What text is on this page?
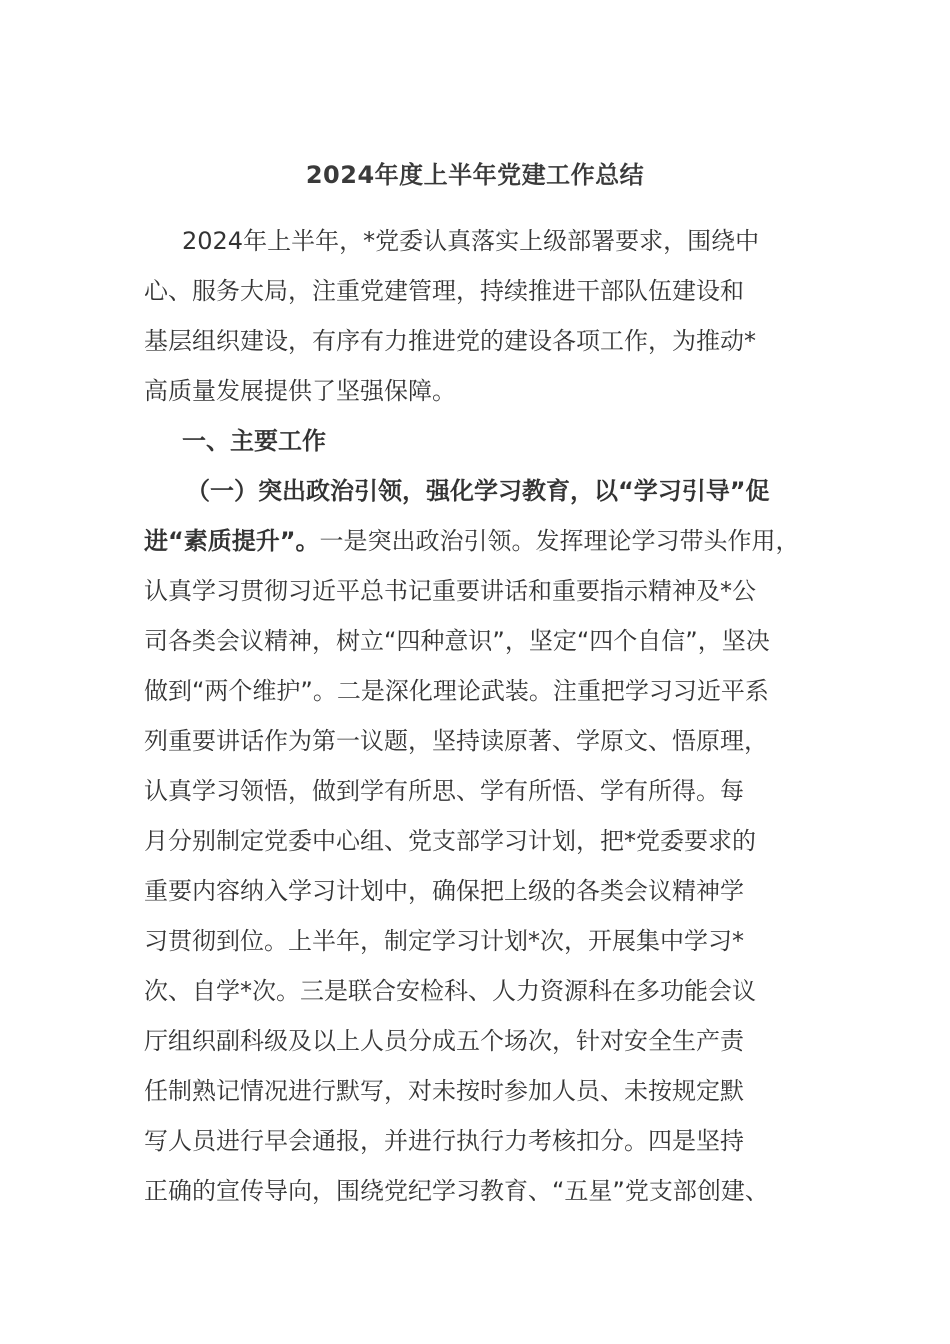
2024年度上半年党建工作总结
2024年上半年，*党委认真落实上级部署要求，围绕中
心、服务大局，注重党建管理，持续推进干部队伍建设和
基层组织建设，有序有力推进党的建设各项工作，为推动*
高质量发展提供了坚强保障。
一、主要工作
（一）突出政治引领，强化学习教育，以“学习引导”促
进“素质提升”。一是突出政治引领。发挥理论学习带头作用，
认真学习贯彻习近平总书记重要讲话和重要指示精神及*公
司各类会议精神，树立“四种意识”，坚定“四个自信”，坚决
做到“两个维护”。二是深化理论武装。注重把学习习近平系
列重要讲话作为第一议题，坚持读原著、学原文、悟原理，
认真学习领悟，做到学有所思、学有所悟、学有所得。每
月分别制定党委中心组、党支部学习计划，把*党委要求的
重要内容纳入学习计划中，确保把上级的各类会议精神学
习贯彻到位。上半年，制定学习计划*次，开展集中学习*
次、自学*次。三是联合安检科、人力资源科在多功能会议
厅组织副科级及以上人员分成五个场次，针对安全生产责
任制熟记情况进行默写，对未按时参加人员、未按规定默
写人员进行早会通报，并进行执行力考核扣分。四是坚持
正确的宣传导向，围绕党纪学习教育、“五星”党支部创建、
